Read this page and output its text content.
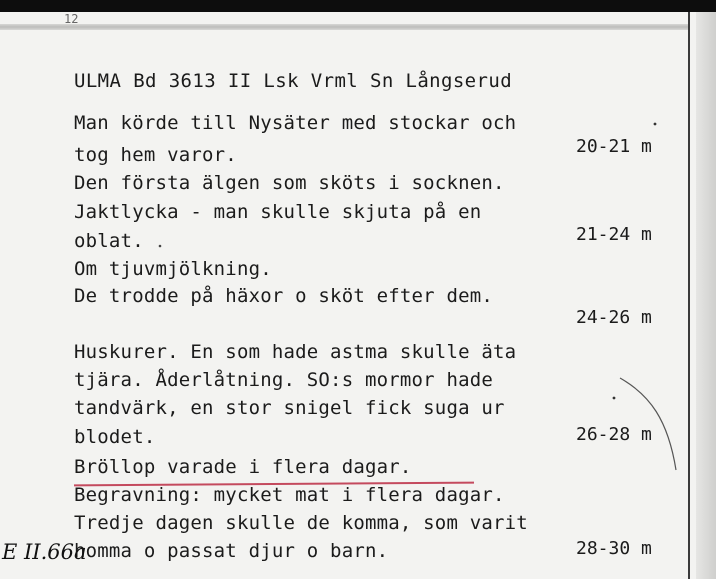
12
ULMA Bd 3613 II Lsk Vrml Sn Långserud
Man körde till Nysäter med stockar och
tog hem varor.
Den första älgen som sköts i socknen.
Jaktlycka - man skulle skjuta på en
oblat.
Om tjuvmjölkning.
De trodde på häxor o sköt efter dem.
Huskurer. En som hade astma skulle äta
tjära. Åderlåtning. SO:s mormor hade
tandvärk, en stor snigel fick suga ur
blodet.
Bröllop varade i flera dagar.
Begravning: mycket mat i flera dagar.
Tredje dagen skulle de komma, som varit
homma o passat djur o barn.
20-21 m
21-24 m
24-26 m
26-28 m
28-30 m
E II.66a
